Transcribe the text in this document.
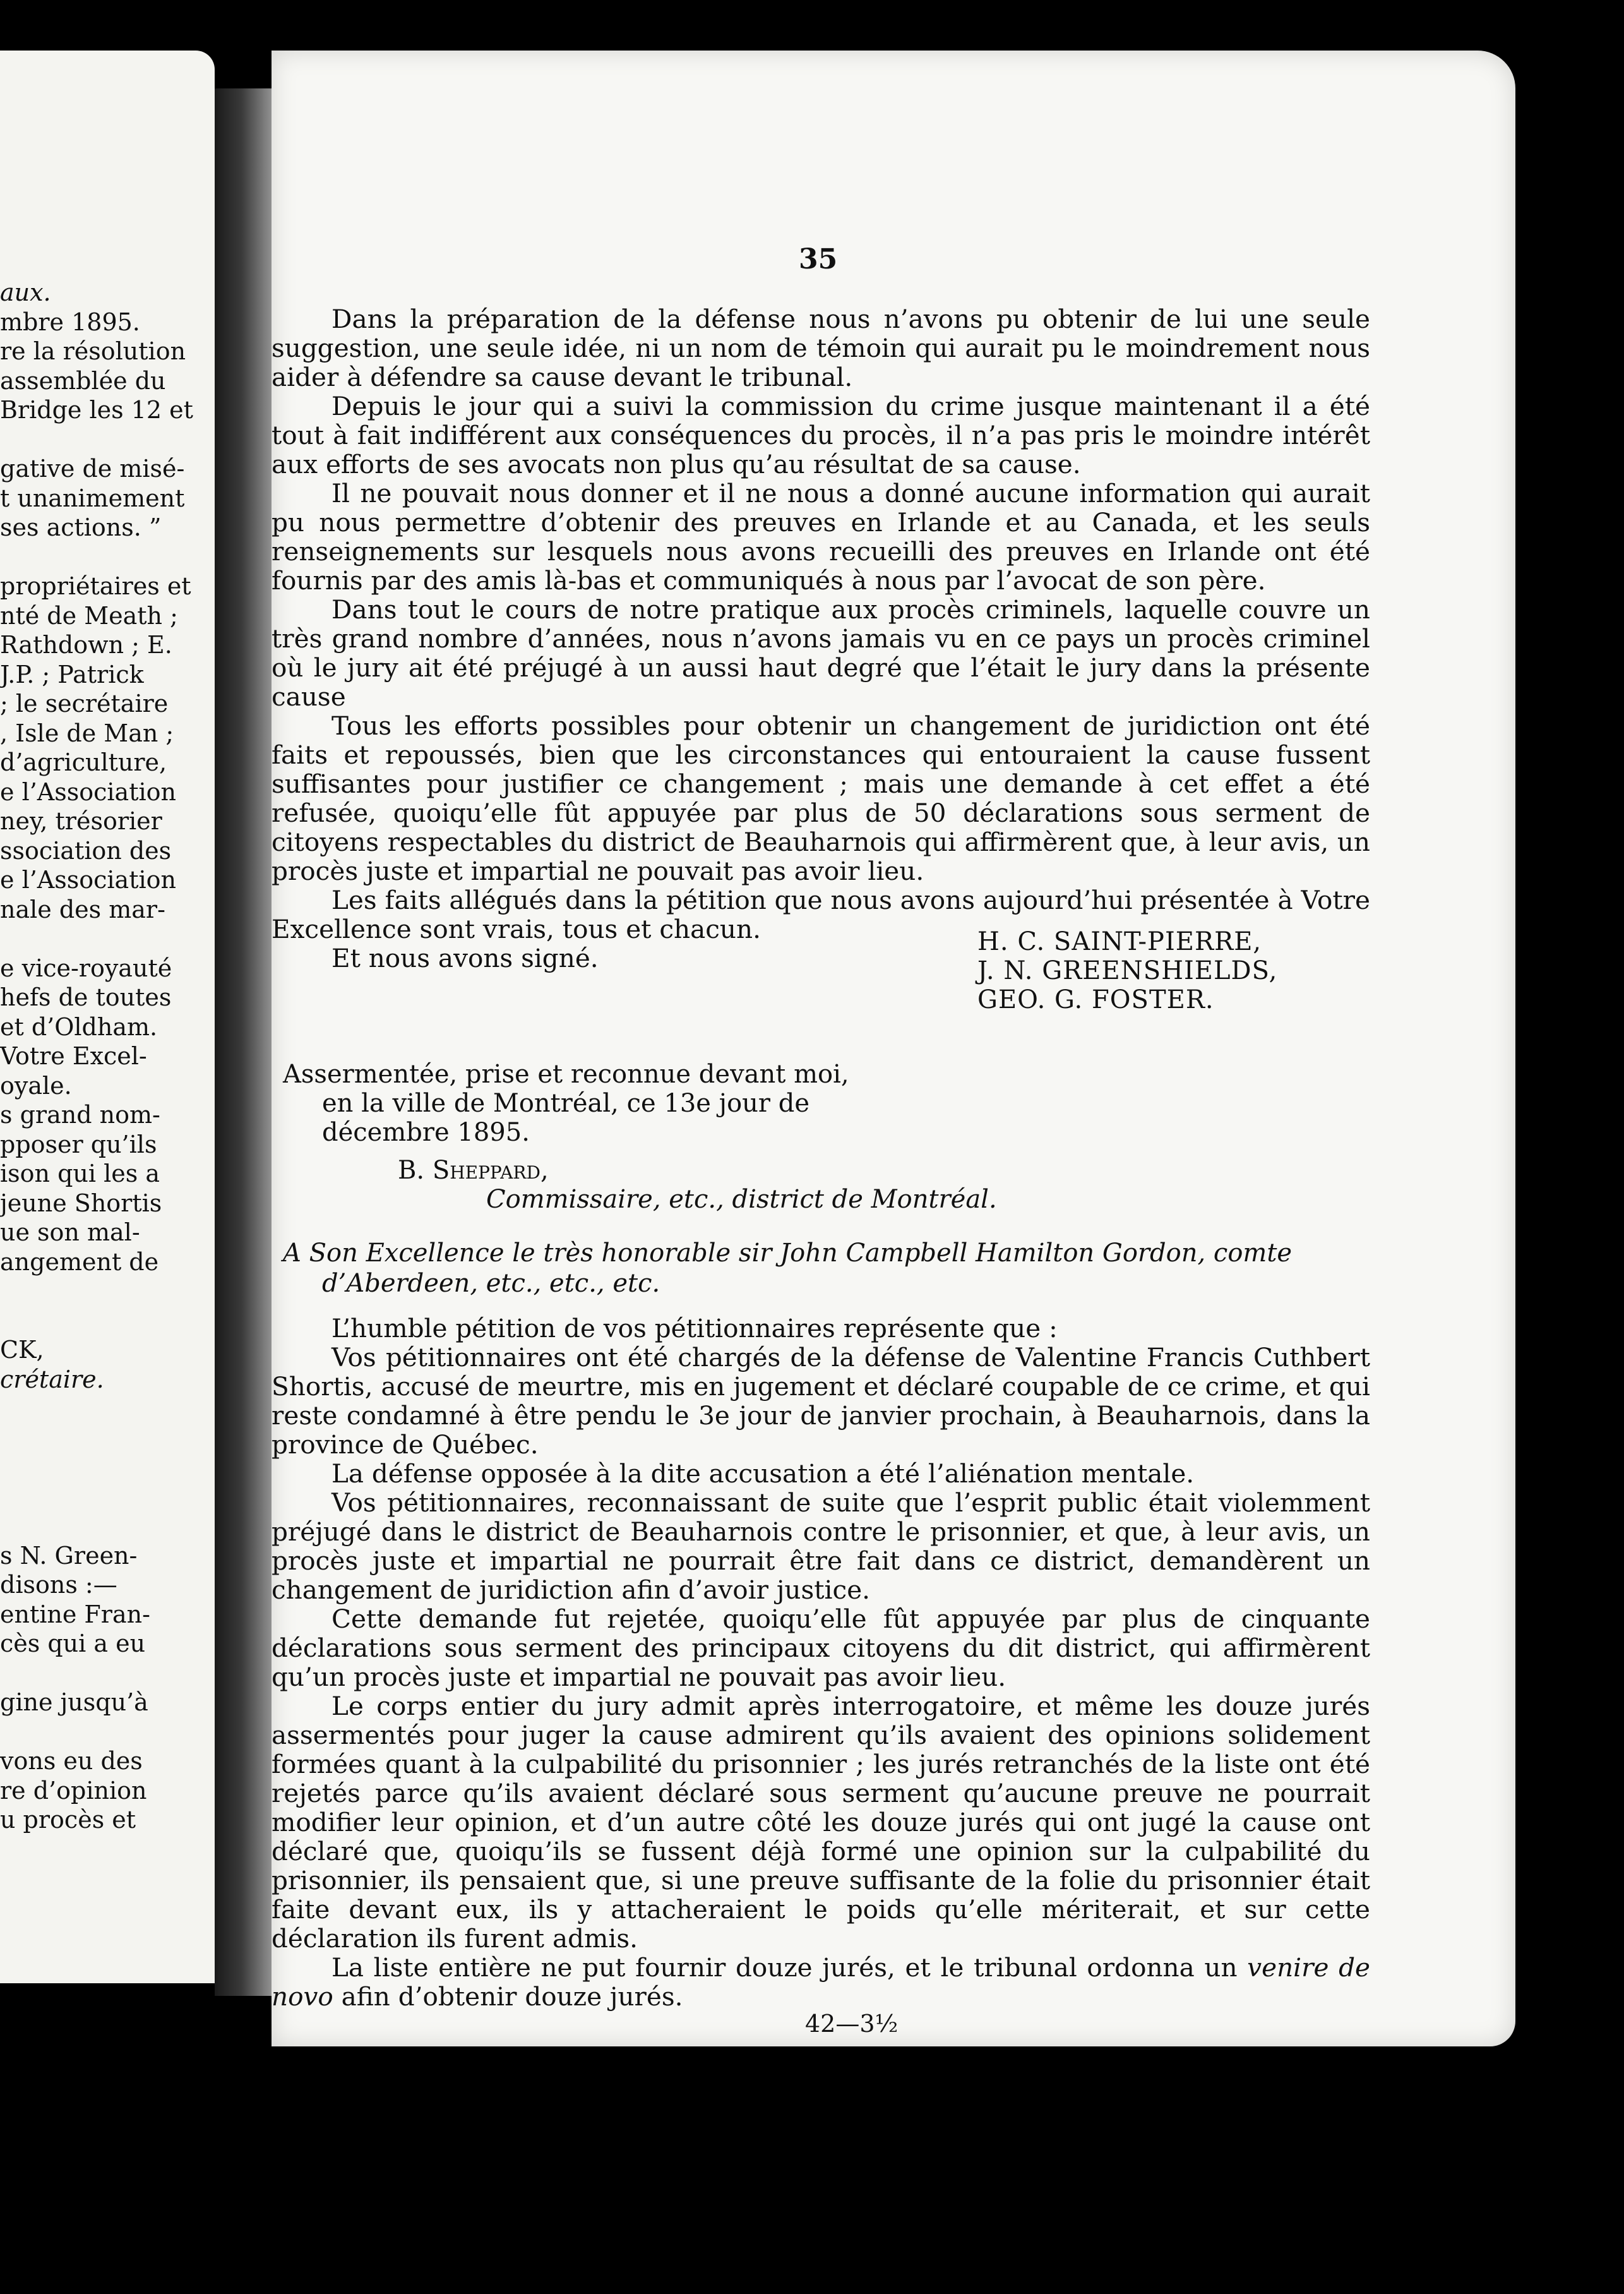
aux.
mbre 1895.
re la résolution
assemblée du
Bridge les 12 et
gative de misé-
t unanimement
ses actions. ”
propriétaires et
nté de Meath ;
Rathdown ; E.
J.P. ; Patrick
; le secrétaire
, Isle de Man ;
d’agriculture,
e l’Association
ney, trésorier
ssociation des
e l’Association
nale des mar-
e vice-royauté
hefs de toutes
et d’Oldham.
Votre Excel-
oyale.
s grand nom-
pposer qu’ils
ison qui les a
jeune Shortis
ue son mal-
angement de
CK,
crétaire.
s N. Green-
disons :—
entine Fran-
cès qui a eu
gine jusqu’à
vons eu des
re d’opinion
u procès et
35

Dans la préparation de la défense nous n’avons pu obtenir de lui une seule suggestion, une seule idée, ni un nom de témoin qui aurait pu le moindrement nous aider à défendre sa cause devant le tribunal.

Depuis le jour qui a suivi la commission du crime jusque maintenant il a été tout à fait indifférent aux conséquences du procès, il n’a pas pris le moindre intérêt aux efforts de ses avocats non plus qu’au résultat de sa cause.

Il ne pouvait nous donner et il ne nous a donné aucune information qui aurait pu nous permettre d’obtenir des preuves en Irlande et au Canada, et les seuls renseignements sur lesquels nous avons recueilli des preuves en Irlande ont été fournis par des amis là-bas et communiqués à nous par l’avocat de son père.

Dans tout le cours de notre pratique aux procès criminels, laquelle couvre un très grand nombre d’années, nous n’avons jamais vu en ce pays un procès criminel où le jury ait été préjugé à un aussi haut degré que l’était le jury dans la présente cause

Tous les efforts possibles pour obtenir un changement de juridiction ont été faits et repoussés, bien que les circonstances qui entouraient la cause fussent suffisantes pour justifier ce changement ; mais une demande à cet effet a été refusée, quoiqu’elle fût appuyée par plus de 50 déclarations sous serment de citoyens respectables du district de Beauharnois qui affirmèrent que, à leur avis, un procès juste et impartial ne pouvait pas avoir lieu.

Les faits allégués dans la pétition que nous avons aujourd’hui présentée à Votre Excellence sont vrais, tous et chacun.

Et nous avons signé.

H. C. SAINT-PIERRE,
J. N. GREENSHIELDS,
GEO. G. FOSTER.
Assermentée, prise et reconnue devant moi,
en la ville de Montréal, ce 13e jour de
décembre 1895.
B. Sheppard,
Commissaire, etc., district de Montréal.
A Son Excellence le très honorable sir John Campbell Hamilton Gordon, comte
d’Aberdeen, etc., etc., etc.

L’humble pétition de vos pétitionnaires représente que :

Vos pétitionnaires ont été chargés de la défense de Valentine Francis Cuthbert Shortis, accusé de meurtre, mis en jugement et déclaré coupable de ce crime, et qui reste condamné à être pendu le 3e jour de janvier prochain, à Beauharnois, dans la province de Québec.

La défense opposée à la dite accusation a été l’aliénation mentale.

Vos pétitionnaires, reconnaissant de suite que l’esprit public était violemment préjugé dans le district de Beauharnois contre le prisonnier, et que, à leur avis, un procès juste et impartial ne pourrait être fait dans ce district, demandèrent un changement de juridiction afin d’avoir justice.

Cette demande fut rejetée, quoiqu’elle fût appuyée par plus de cinquante déclarations sous serment des principaux citoyens du dit district, qui affirmèrent qu’un procès juste et impartial ne pouvait pas avoir lieu.

Le corps entier du jury admit après interrogatoire, et même les douze jurés assermentés pour juger la cause admirent qu’ils avaient des opinions solidement formées quant à la culpabilité du prisonnier ; les jurés retranchés de la liste ont été rejetés parce qu’ils avaient déclaré sous serment qu’aucune preuve ne pourrait modifier leur opinion, et d’un autre côté les douze jurés qui ont jugé la cause ont déclaré que, quoiqu’ils se fussent déjà formé une opinion sur la culpabilité du prisonnier, ils pensaient que, si une preuve suffisante de la folie du prisonnier était faite devant eux, ils y attacheraient le poids qu’elle mériterait, et sur cette déclaration ils furent admis.

La liste entière ne put fournir douze jurés, et le tribunal ordonna un venire de novo afin d’obtenir douze jurés.

42—3½
